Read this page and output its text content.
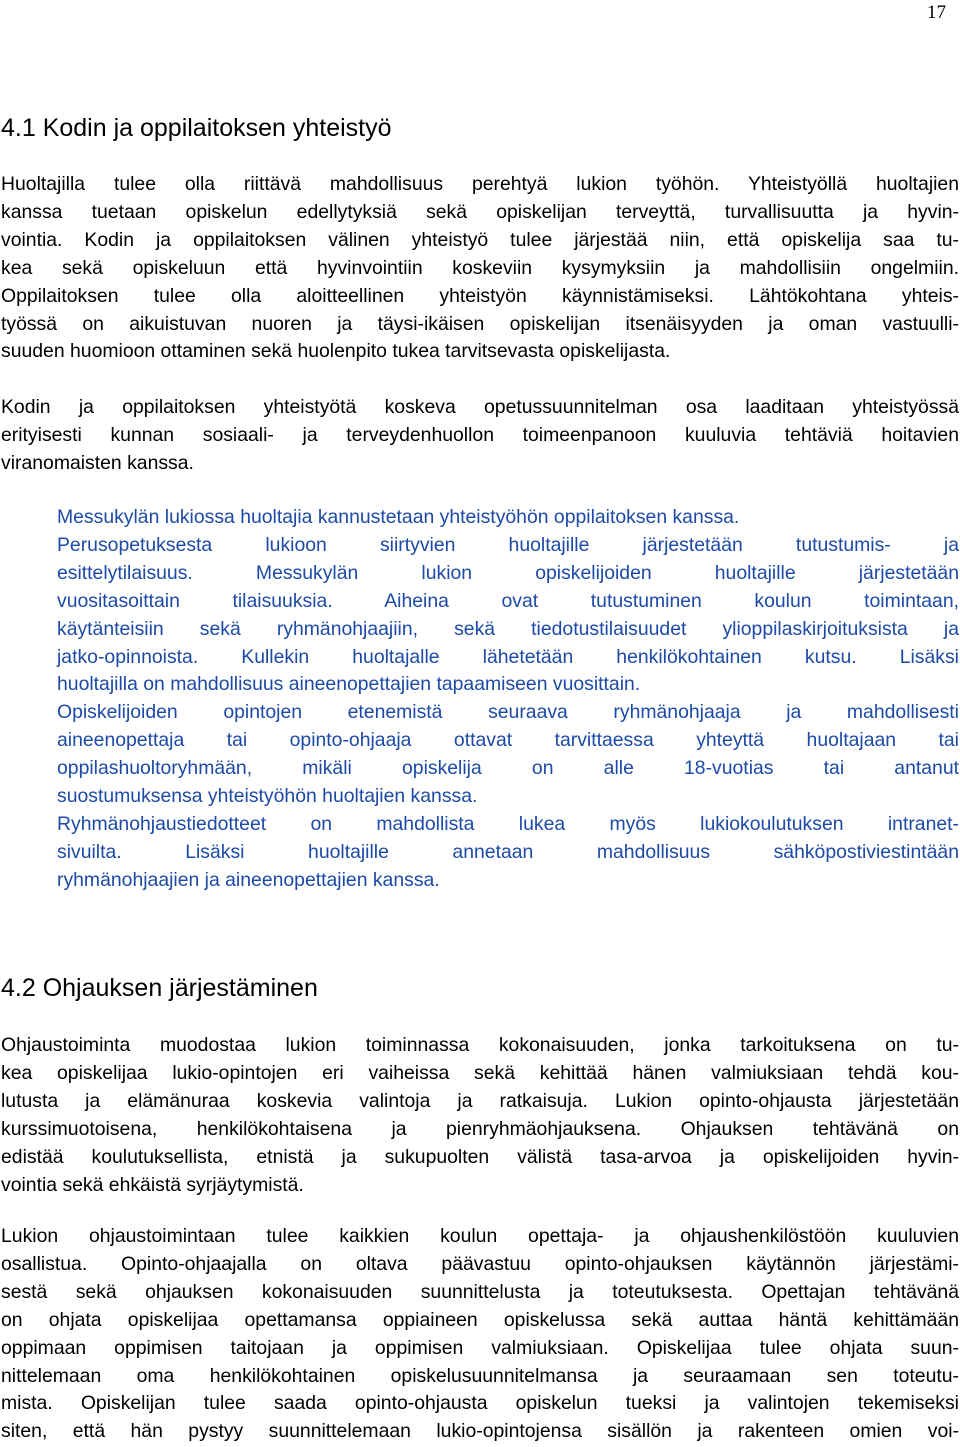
17
4.1 Kodin ja oppilaitoksen yhteistyö
Huoltajilla tulee olla riittävä mahdollisuus perehtyä lukion työhön. Yhteistyöllä huoltajien
kanssa tuetaan opiskelun edellytyksiä sekä opiskelijan terveyttä, turvallisuutta ja hyvin-
vointia. Kodin ja oppilaitoksen välinen yhteistyö tulee järjestää niin, että opiskelija saa tu-
kea sekä opiskeluun että hyvinvointiin koskeviin kysymyksiin ja mahdollisiin ongelmiin.
Oppilaitoksen tulee olla aloitteellinen yhteistyön käynnistämiseksi. Lähtökohtana yhteis-
työssä on aikuistuvan nuoren ja täysi-ikäisen opiskelijan itsenäisyyden ja oman vastuulli-
suuden huomioon ottaminen sekä huolenpito tukea tarvitsevasta opiskelijasta.
Kodin ja oppilaitoksen yhteistyötä koskeva opetussuunnitelman osa laaditaan yhteistyössä
erityisesti kunnan sosiaali- ja terveydenhuollon toimeenpanoon kuuluvia tehtäviä hoitavien
viranomaisten kanssa.
Messukylän lukiossa huoltajia kannustetaan yhteistyöhön oppilaitoksen kanssa.
Perusopetuksesta lukioon siirtyvien huoltajille järjestetään tutustumis- ja
esittelytilaisuus. Messukylän lukion opiskelijoiden huoltajille järjestetään
vuositasoittain tilaisuuksia. Aiheina ovat tutustuminen koulun toimintaan,
käytänteisiin sekä ryhmänohjaajiin, sekä tiedotustilaisuudet ylioppilaskirjoituksista ja
jatko-opinnoista. Kullekin huoltajalle lähetetään henkilökohtainen kutsu. Lisäksi
huoltajilla on mahdollisuus aineenopettajien tapaamiseen vuosittain.
Opiskelijoiden opintojen etenemistä seuraava ryhmänohjaaja ja mahdollisesti
aineenopettaja tai opinto-ohjaaja ottavat tarvittaessa yhteyttä huoltajaan tai
oppilashuoltoryhmään, mikäli opiskelija on alle 18-vuotias tai antanut
suostumuksensa yhteistyöhön huoltajien kanssa.
Ryhmänohjaustiedotteet on mahdollista lukea myös lukiokoulutuksen intranet-
sivuilta. Lisäksi huoltajille annetaan mahdollisuus sähköpostiviestintään
ryhmänohjaajien ja aineenopettajien kanssa.
4.2 Ohjauksen järjestäminen
Ohjaustoiminta muodostaa lukion toiminnassa kokonaisuuden, jonka tarkoituksena on tu-
kea opiskelijaa lukio-opintojen eri vaiheissa sekä kehittää hänen valmiuksiaan tehdä kou-
lutusta ja elämänuraa koskevia valintoja ja ratkaisuja. Lukion opinto-ohjausta järjestetään
kurssimuotoisena, henkilökohtaisena ja pienryhmäohjauksena. Ohjauksen tehtävänä on
edistää koulutuksellista, etnistä ja sukupuolten välistä tasa-arvoa ja opiskelijoiden hyvin-
vointia sekä ehkäistä syrjäytymistä.
Lukion ohjaustoimintaan tulee kaikkien koulun opettaja- ja ohjaushenkilöstöön kuuluvien
osallistua. Opinto-ohjaajalla on oltava päävastuu opinto-ohjauksen käytännön järjestämi-
sestä sekä ohjauksen kokonaisuuden suunnittelusta ja toteutuksesta. Opettajan tehtävänä
on ohjata opiskelijaa opettamansa oppiaineen opiskelussa sekä auttaa häntä kehittämään
oppimaan oppimisen taitojaan ja oppimisen valmiuksiaan. Opiskelijaa tulee ohjata suun-
nittelemaan oma henkilökohtainen opiskelusuunnitelmansa ja seuraamaan sen toteutu-
mista. Opiskelijan tulee saada opinto-ohjausta opiskelun tueksi ja valintojen tekemiseksi
siten, että hän pystyy suunnittelemaan lukio-opintojensa sisällön ja rakenteen omien voi-
